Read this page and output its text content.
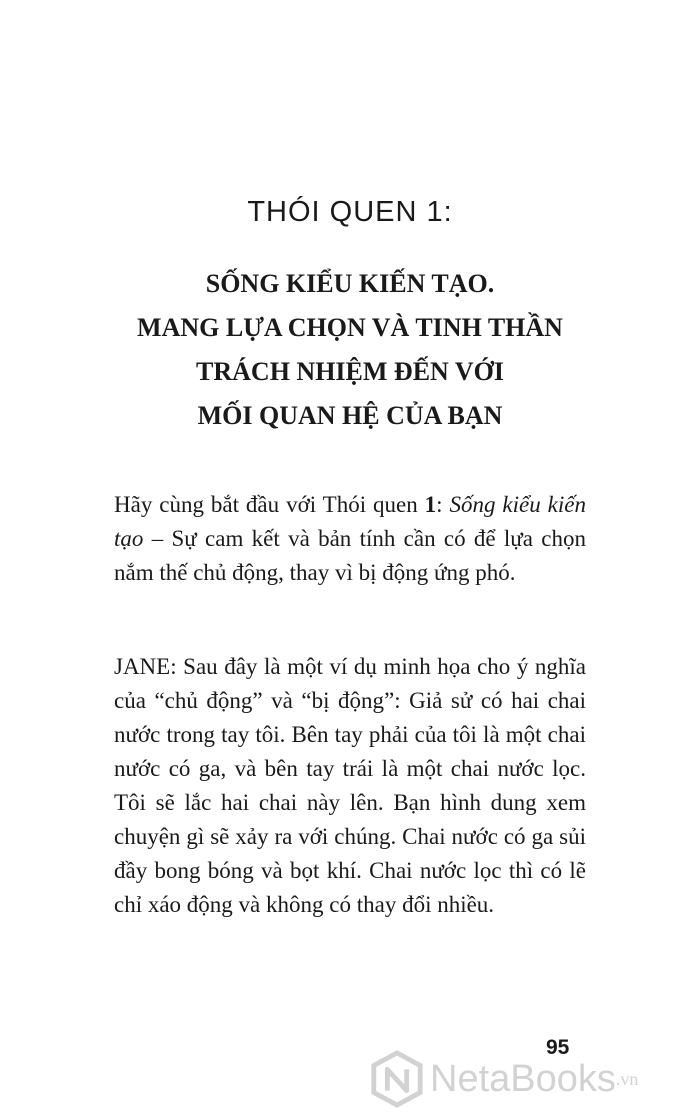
THÓI QUEN 1:
SỐNG KIỂU KIẾN TẠO.
MANG LỰA CHỌN VÀ TINH THẦN
TRÁCH NHIỆM ĐẾN VỚI
MỐI QUAN HỆ CỦA BẠN
Hãy cùng bắt đầu với Thói quen 1: Sống kiểu kiến tạo – Sự cam kết và bản tính cần có để lựa chọn nắm thế chủ động, thay vì bị động ứng phó.
JANE: Sau đây là một ví dụ minh họa cho ý nghĩa của “chủ động” và “bị động”: Giả sử có hai chai nước trong tay tôi. Bên tay phải của tôi là một chai nước có ga, và bên tay trái là một chai nước lọc. Tôi sẽ lắc hai chai này lên. Bạn hình dung xem chuyện gì sẽ xảy ra với chúng. Chai nước có ga sủi đầy bong bóng và bọt khí. Chai nước lọc thì có lẽ chỉ xáo động và không có thay đổi nhiều.
95
NetaBooks .vn
